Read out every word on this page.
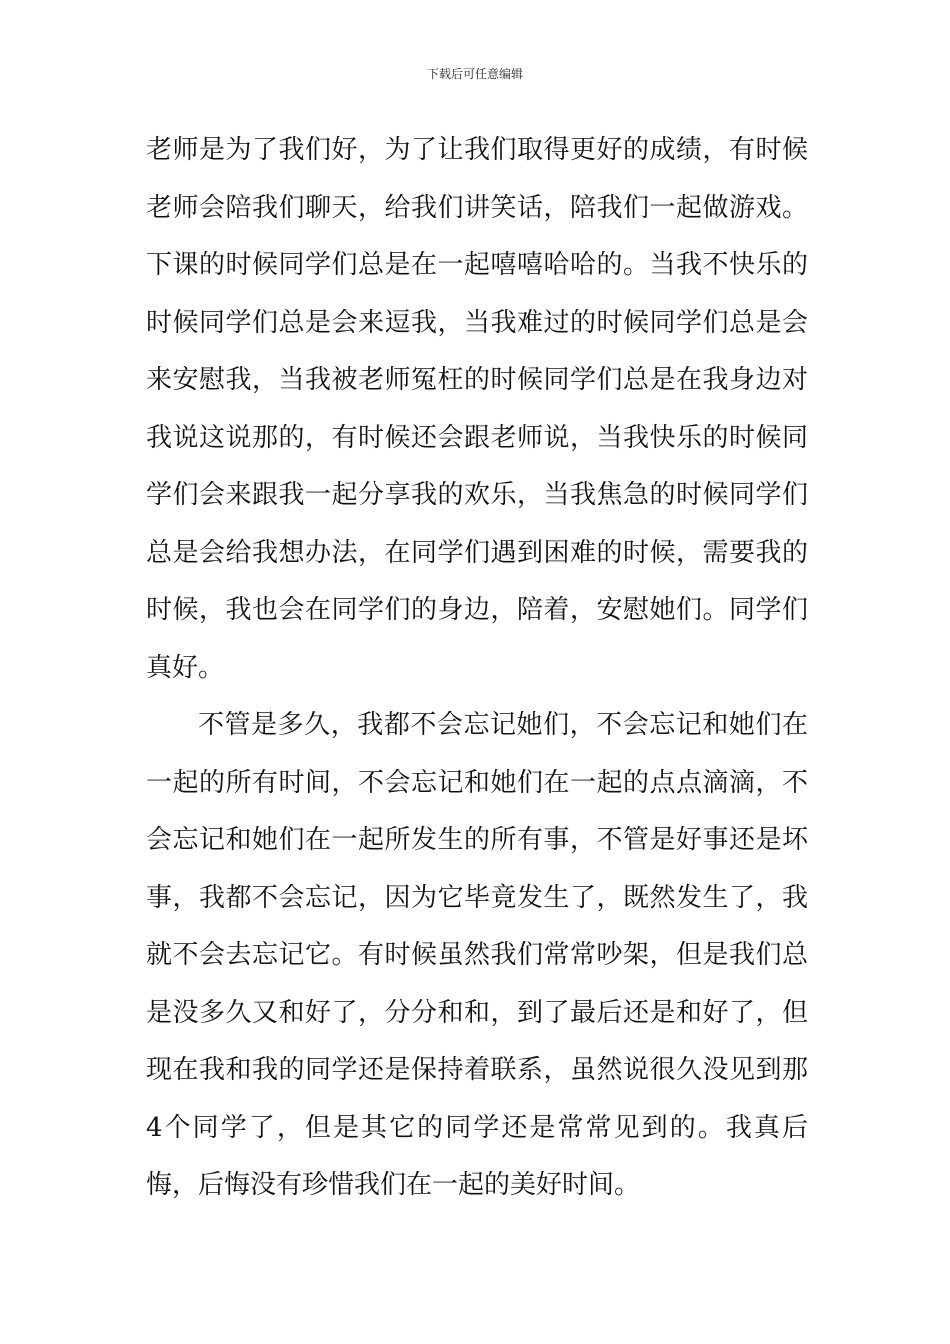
下载后可任意编辑

老师是为了我们好，为了让我们取得更好的成绩，有时候老师会陪我们聊天，给我们讲笑话，陪我们一起做游戏。下课的时候同学们总是在一起嘻嘻哈哈的。当我不快乐的时候同学们总是会来逗我，当我难过的时候同学们总是会来安慰我，当我被老师冤枉的时候同学们总是在我身边对我说这说那的，有时候还会跟老师说，当我快乐的时候同学们会来跟我一起分享我的欢乐，当我焦急的时候同学们总是会给我想办法，在同学们遇到困难的时候，需要我的时候，我也会在同学们的身边，陪着，安慰她们。同学们真好。

不管是多久，我都不会忘记她们，不会忘记和她们在一起的所有时间，不会忘记和她们在一起的点点滴滴，不会忘记和她们在一起所发生的所有事，不管是好事还是坏事，我都不会忘记，因为它毕竟发生了，既然发生了，我就不会去忘记它。有时候虽然我们常常吵架，但是我们总是没多久又和好了，分分和和，到了最后还是和好了，但现在我和我的同学还是保持着联系，虽然说很久没见到那4个同学了，但是其它的同学还是常常见到的。我真后悔，后悔没有珍惜我们在一起的美好时间。
